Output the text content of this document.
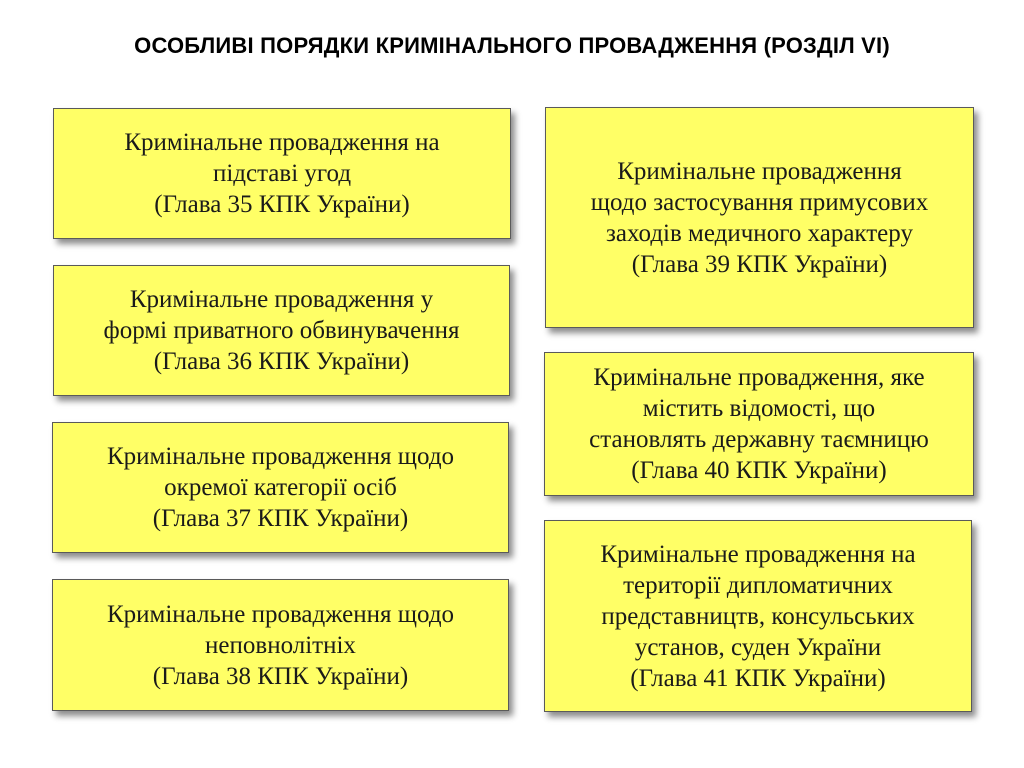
ОСОБЛИВІ ПОРЯДКИ КРИМІНАЛЬНОГО ПРОВАДЖЕННЯ (РОЗДІЛ VI)
Кримінальне провадження на
підставі угод
(Глава 35 КПК України)
Кримінальне провадження у
формі приватного обвинувачення
(Глава 36 КПК України)
Кримінальне провадження щодо
окремої категорії осіб
(Глава 37 КПК України)
Кримінальне провадження щодо
неповнолітніх
(Глава 38 КПК України)
Кримінальне провадження
щодо застосування примусових
заходів медичного характеру
(Глава 39 КПК України)
Кримінальне провадження, яке
містить відомості, що
становлять державну таємницю
(Глава 40 КПК України)
Кримінальне провадження на
території дипломатичних
представництв, консульських
установ, суден України
(Глава 41 КПК України)
